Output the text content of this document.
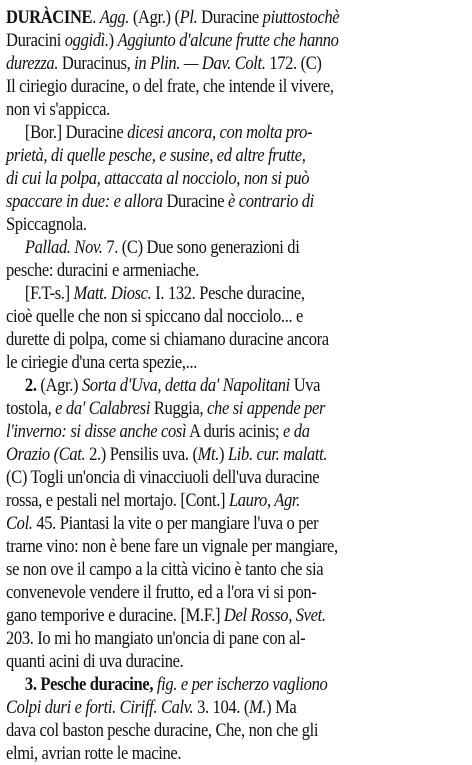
DURÀCINE. Agg. (Agr.) (Pl. Duracine piuttostochè
Duracini oggidì.) Aggiunto d'alcune frutte che hanno
durezza. Duracinus, in Plin. — Dav. Colt. 172. (C)
Il ciriegio duracine, o del frate, che intende il vivere,
non vi s'appicca.
[Bor.] Duracine dicesi ancora, con molta pro-
prietà, di quelle pesche, e susine, ed altre frutte,
di cui la polpa, attaccata al nocciolo, non si può
spaccare in due: e allora Duracine è contrario di
Spiccagnola.
Pallad. Nov. 7. (C) Due sono generazioni di
pesche: duracini e armeniache.
[F.T-s.] Matt. Diosc. I. 132. Pesche duracine,
cioè quelle che non si spiccano dal nocciolo... e
durette di polpa, come si chiamano duracine ancora
le ciriegie d'una certa spezie,...
2. (Agr.) Sorta d'Uva, detta da' Napolitani Uva
tostola, e da' Calabresi Ruggia, che si appende per
l'inverno: si disse anche così A duris acinis; e da
Orazio (Cat. 2.) Pensilis uva. (Mt.) Lib. cur. malatt.
(C) Togli un'oncia di vinacciuoli dell'uva duracine
rossa, e pestali nel mortajo. [Cont.] Lauro, Agr.
Col. 45. Piantasi la vite o per mangiare l'uva o per
trarne vino: non è bene fare un vignale per mangiare,
se non ove il campo a la città vicino è tanto che sia
convenevole vendere il frutto, ed a l'ora vi si pon-
gano temporive e duracine. [M.F.] Del Rosso, Svet.
203. Io mi ho mangiato un'oncia di pane con al-
quanti acini di uva duracine.
3. Pesche duracine, fig. e per ischerzo vagliono
Colpi duri e forti. Ciriff. Calv. 3. 104. (M.) Ma
dava col baston pesche duracine, Che, non che gli
elmi, avrian rotte le macine.
